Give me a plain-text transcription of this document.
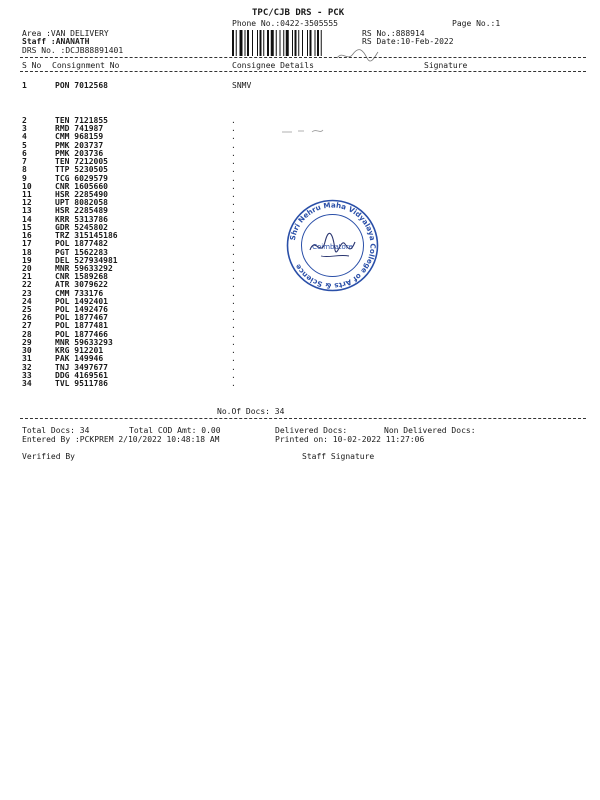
TPC/CJB DRS - PCK
Phone No.:0422-3505555	Page No.:1
Area :VAN DELIVERY
Staff :ANANATH
DRS No. :DCJB88891401
RS No.:888914
RS Date:10-Feb-2022
S No Consignment No	Consignee Details	Signature
1	PON 7012568	SNMV
2	TEN 7121855	.
3	RMD 741987	.
4	CMM 968159	.
5	PMK 203737	.
6	PMK 203736	.
7	TEN 7212005	.
8	TTP 5230505	.
9	TCG 6029579	.
10	CNR 1605660	.
11	HSR 2285490	.
12	UPT 8082058	.
13	HSR 2285489	.
14	KRR 5313786	.
15	GDR 5245802	.
16	TRZ 315145186	.
17	POL 1877482	.
18	PGT 1562283	.
19	DEL 527934981	.
20	MNR 59633292	.
21	CNR 1589268	.
22	ATR 3079622	.
23	CMM 733176	.
24	POL 1492401	.
25	POL 1492476	.
26	POL 1877467	.
27	POL 1877481	.
28	POL 1877466	.
29	MNR 59633293	.
30	KRG 912201	.
31	PAK 149946	.
32	TNJ 3497677	.
33	DDG 4169561	.
34	TVL 9511786	.
No.Of Docs: 34
Total Docs: 34	Total COD Amt: 0.00	Delivered Docs:	Non Delivered Docs:
Entered By :PCKPREM 2/10/2022 10:48:18 AM	Printed on: 10-02-2022 11:27:06
Verified By	Staff Signature
Shri Nehru Maha Vidyalaya College of Arts & Science
Coimbatore
